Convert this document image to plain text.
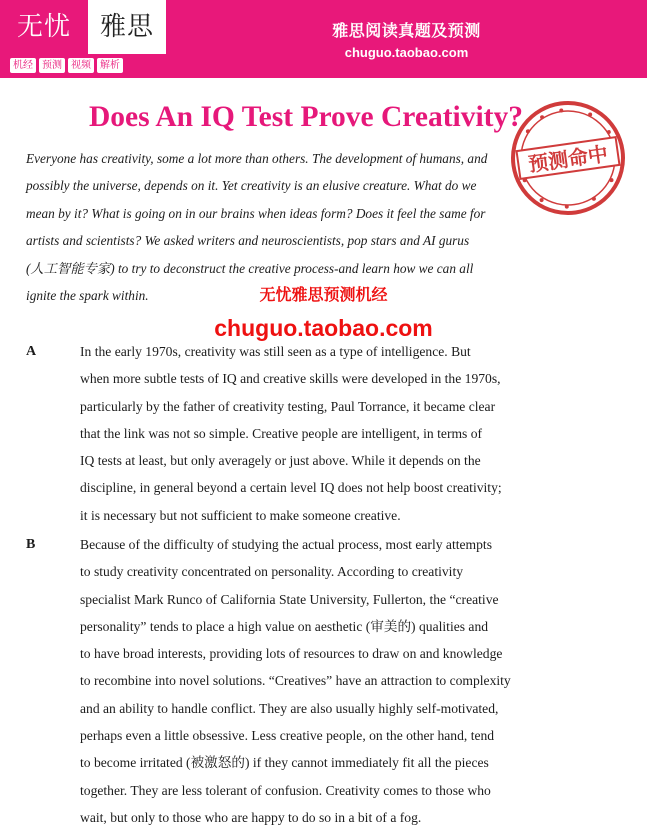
无忧	雅思
机经 预测 视频 解析
雅思阅读真题及预测
chuguo.taobao.com
Does An IQ Test Prove Creativity?
预测命中
Everyone has creativity, some a lot more than others. The development of humans, and
possibly the universe, depends on it. Yet creativity is an elusive creature. What do we
mean by it? What is going on in our brains when ideas form? Does it feel the same for
artists and scientists? We asked writers and neuroscientists, pop stars and AI gurus
(人工智能专家) to try to deconstruct the creative process-and learn how we can all
ignite the spark within.	无忧雅思预测机经
chuguo.taobao.com
A	In the early 1970s, creativity was still seen as a type of intelligence. But
when more subtle tests of IQ and creative skills were developed in the 1970s,
particularly by the father of creativity testing, Paul Torrance, it became clear
that the link was not so simple. Creative people are intelligent, in terms of
IQ tests at least, but only averagely or just above. While it depends on the
discipline, in general beyond a certain level IQ does not help boost creativity;
it is necessary but not sufficient to make someone creative.
B	Because of the difficulty of studying the actual process, most early attempts
to study creativity concentrated on personality. According to creativity
specialist Mark Runco of California State University, Fullerton, the “creative
personality” tends to place a high value on aesthetic (审美的) qualities and
to have broad interests, providing lots of resources to draw on and knowledge
to recombine into novel solutions. “Creatives” have an attraction to complexity
and an ability to handle conflict. They are also usually highly self-motivated,
perhaps even a little obsessive. Less creative people, on the other hand, tend
to become irritated (被激怒的) if they cannot immediately fit all the pieces
together. They are less tolerant of confusion. Creativity comes to those who
wait, but only to those who are happy to do so in a bit of a fog.
